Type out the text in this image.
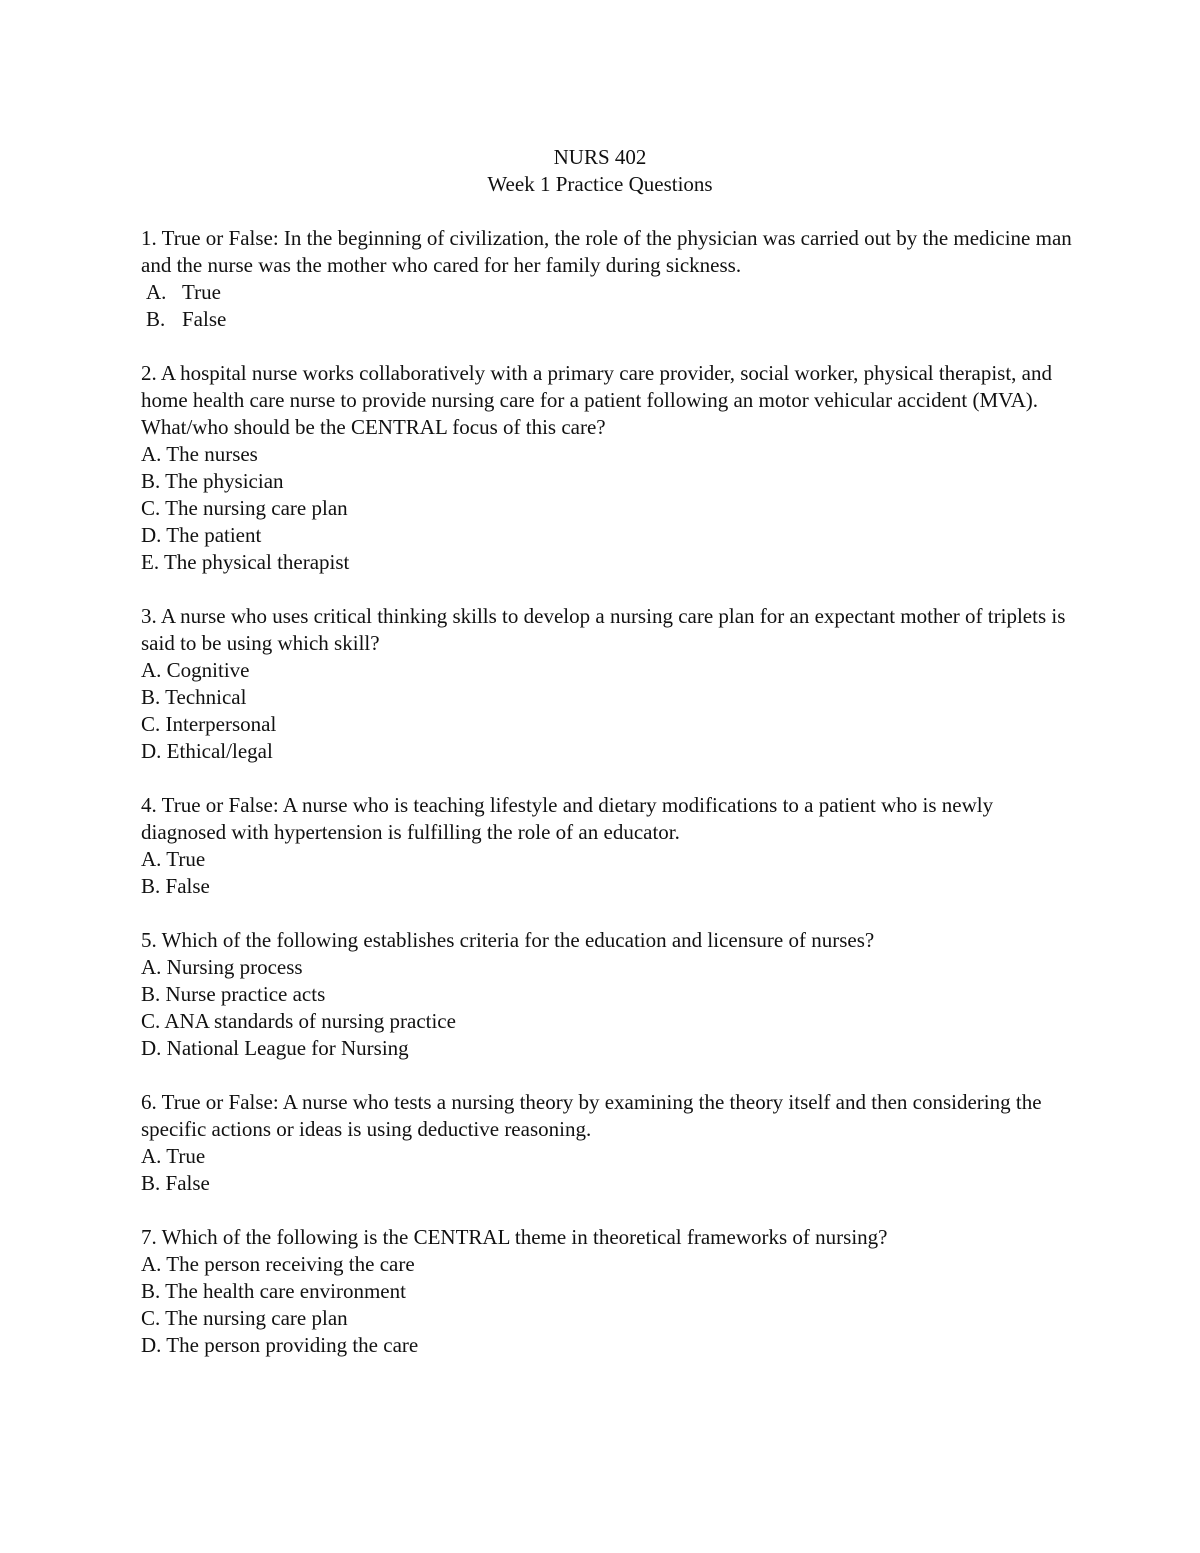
NURS 402
Week 1 Practice Questions
1. True or False: In the beginning of civilization, the role of the physician was carried out by the medicine man and the nurse was the mother who cared for her family during sickness.
A. True
B. False
2. A hospital nurse works collaboratively with a primary care provider, social worker, physical therapist, and home health care nurse to provide nursing care for a patient following an motor vehicular accident (MVA). What/who should be the CENTRAL focus of this care?
A. The nurses
B. The physician
C. The nursing care plan
D. The patient
E. The physical therapist
3. A nurse who uses critical thinking skills to develop a nursing care plan for an expectant mother of triplets is said to be using which skill?
A. Cognitive
B. Technical
C. Interpersonal
D. Ethical/legal
4. True or False: A nurse who is teaching lifestyle and dietary modifications to a patient who is newly diagnosed with hypertension is fulfilling the role of an educator.
A. True
B. False
5. Which of the following establishes criteria for the education and licensure of nurses?
A. Nursing process
B. Nurse practice acts
C. ANA standards of nursing practice
D. National League for Nursing
6. True or False: A nurse who tests a nursing theory by examining the theory itself and then considering the specific actions or ideas is using deductive reasoning.
A. True
B. False
7. Which of the following is the CENTRAL theme in theoretical frameworks of nursing?
A. The person receiving the care
B. The health care environment
C. The nursing care plan
D. The person providing the care
